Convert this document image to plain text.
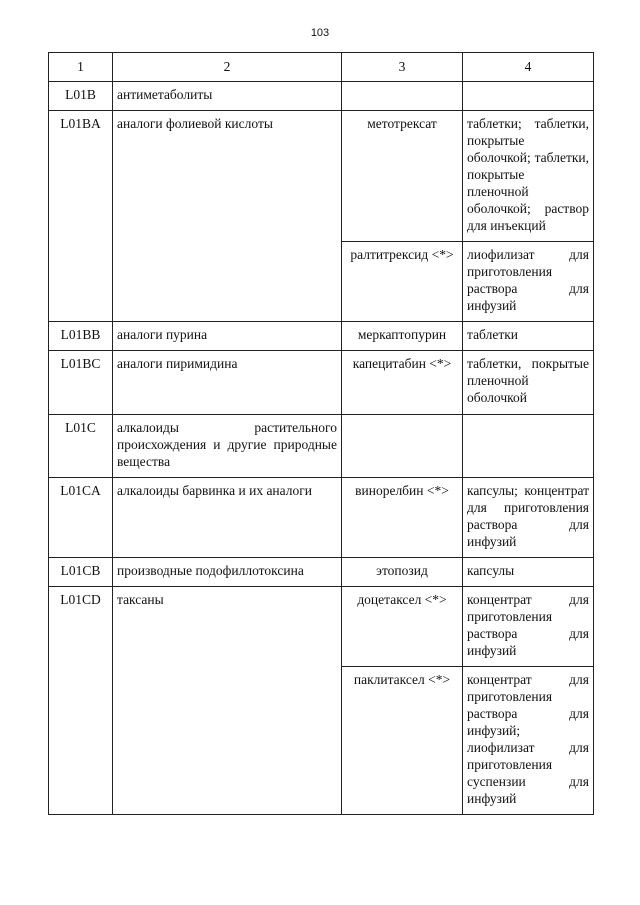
103
1	2	3	4
L01B	антиметаболиты		
L01BA	аналоги фолиевой кислоты	метотрексат	таблетки; таблетки, покрытые оболочкой; таблетки, покрытые пленочной оболочкой; раствор для инъекций
		ралтитрексид <*>	лиофилизат для приготовления раствора для инфузий
L01BB	аналоги пурина	меркаптопурин	таблетки
L01BC	аналоги пиримидина	капецитабин <*>	таблетки, покрытые пленочной оболочкой
L01C	алкалоиды растительного происхождения и другие природные вещества		
L01CA	алкалоиды барвинка и их аналоги	винорелбин <*>	капсулы; концентрат для приготовления раствора для инфузий
L01CB	производные подофиллотоксина	этопозид	капсулы
L01CD	таксаны	доцетаксел <*>	концентрат для приготовления раствора для инфузий
		паклитаксел <*>	концентрат для приготовления раствора для инфузий; лиофилизат для приготовления суспензии для инфузий
